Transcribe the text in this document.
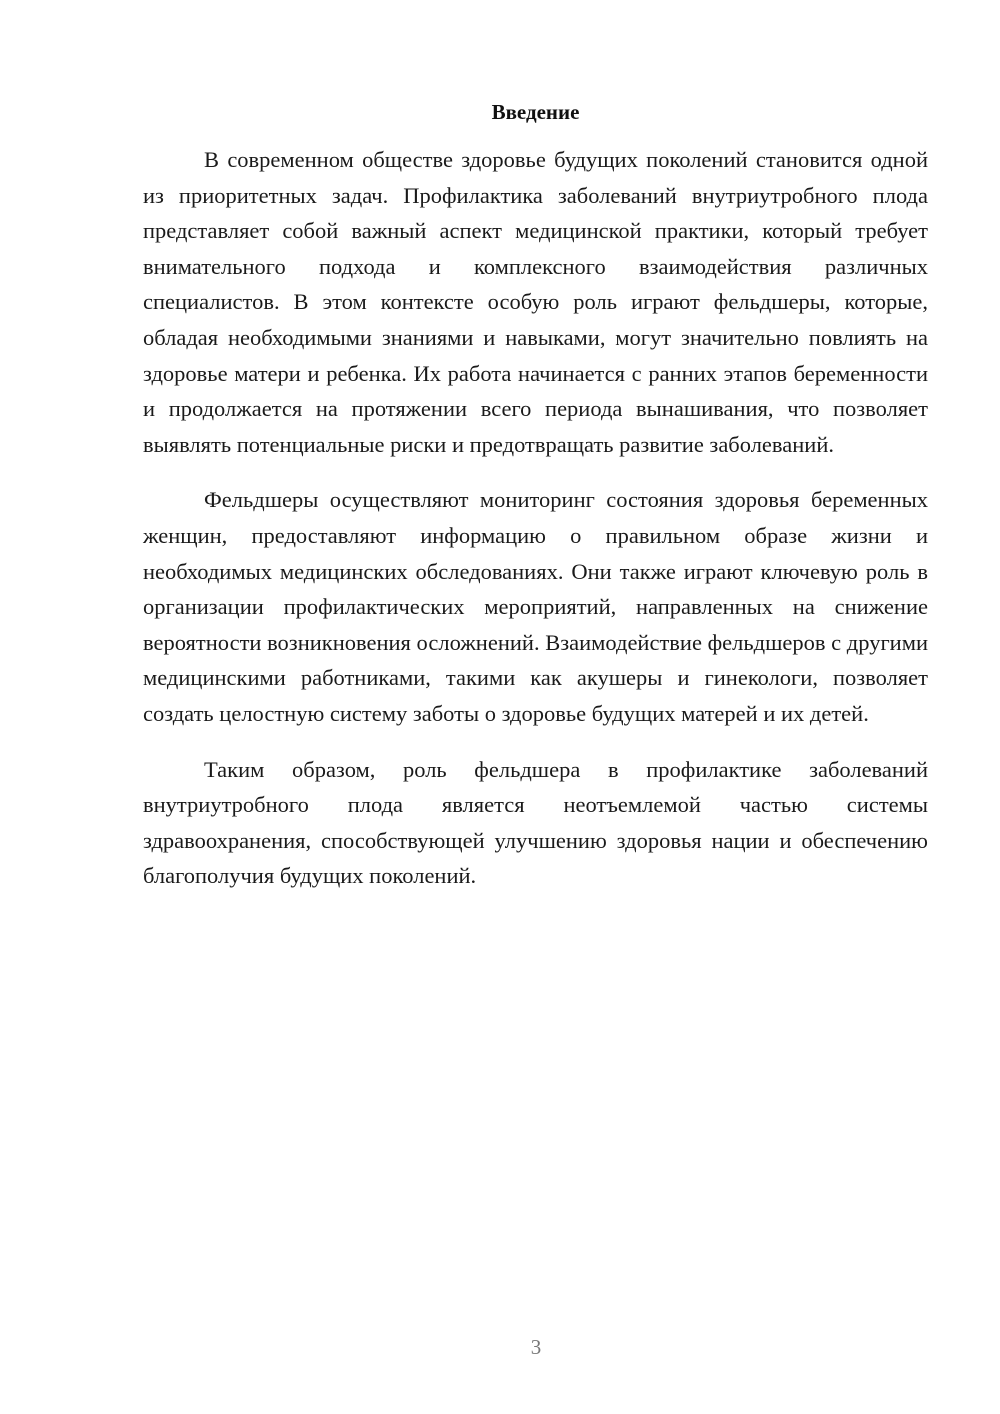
Введение

В современном обществе здоровье будущих поколений становится одной из приоритетных задач. Профилактика заболеваний внутриутробного плода представляет собой важный аспект медицинской практики, который требует внимательного подхода и комплексного взаимодействия различных специалистов. В этом контексте особую роль играют фельдшеры, которые, обладая необходимыми знаниями и навыками, могут значительно повлиять на здоровье матери и ребенка. Их работа начинается с ранних этапов беременности и продолжается на протяжении всего периода вынашивания, что позволяет выявлять потенциальные риски и предотвращать развитие заболеваний.

Фельдшеры осуществляют мониторинг состояния здоровья беременных женщин, предоставляют информацию о правильном образе жизни и необходимых медицинских обследованиях. Они также играют ключевую роль в организации профилактических мероприятий, направленных на снижение вероятности возникновения осложнений. Взаимодействие фельдшеров с другими медицинскими работниками, такими как акушеры и гинекологи, позволяет создать целостную систему заботы о здоровье будущих матерей и их детей.

Таким образом, роль фельдшера в профилактике заболеваний внутриутробного плода является неотъемлемой частью системы здравоохранения, способствующей улучшению здоровья нации и обеспечению благополучия будущих поколений.

3
